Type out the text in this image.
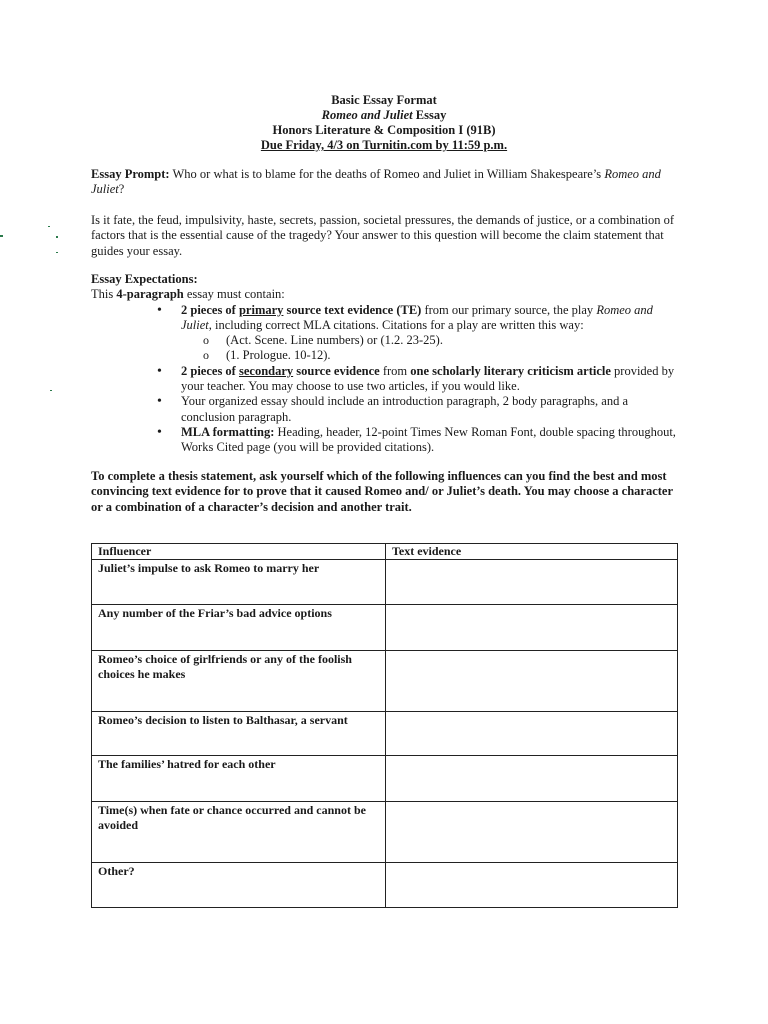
Basic Essay Format
Romeo and Juliet Essay
Honors Literature & Composition I (91B)
Due Friday, 4/3 on Turnitin.com by 11:59 p.m.
Essay Prompt: Who or what is to blame for the deaths of Romeo and Juliet in William Shakespeare’s Romeo and Juliet?
Is it fate, the feud, impulsivity, haste, secrets, passion, societal pressures, the demands of justice, or a combination of factors that is the essential cause of the tragedy? Your answer to this question will become the claim statement that guides your essay.
Essay Expectations:
This 4-paragraph essay must contain:
• 2 pieces of primary source text evidence (TE) from our primary source, the play Romeo and Juliet, including correct MLA citations. Citations for a play are written this way:
o (Act. Scene. Line numbers) or (1.2. 23-25).
o (1. Prologue. 10-12).
• 2 pieces of secondary source evidence from one scholarly literary criticism article provided by your teacher. You may choose to use two articles, if you would like.
• Your organized essay should include an introduction paragraph, 2 body paragraphs, and a conclusion paragraph.
• MLA formatting: Heading, header, 12-point Times New Roman Font, double spacing throughout, Works Cited page (you will be provided citations).
To complete a thesis statement, ask yourself which of the following influences can you find the best and most convincing text evidence for to prove that it caused Romeo and/ or Juliet’s death. You may choose a character or a combination of a character’s decision and another trait.
Influencer	Text evidence
Juliet’s impulse to ask Romeo to marry her	
Any number of the Friar’s bad advice options	
Romeo’s choice of girlfriends or any of the foolish choices he makes	
Romeo’s decision to listen to Balthasar, a servant	
The families’ hatred for each other	
Time(s) when fate or chance occurred and cannot be avoided	
Other?	
